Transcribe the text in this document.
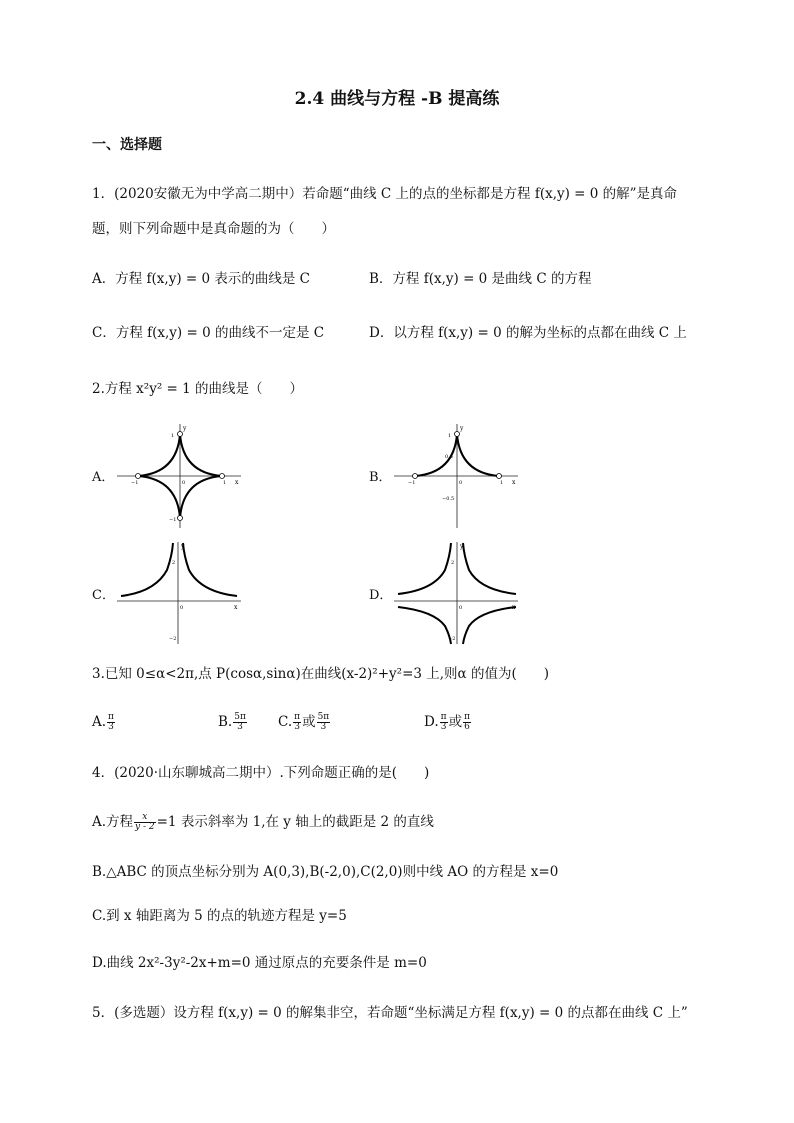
2.4 曲线与方程 -B 提高练
一、选择题
1．(2020安徽无为中学高二期中）若命题“曲线 C 上的点的坐标都是方程 f(x,y) = 0 的解”是真命
题，则下列命题中是真命题的为（　　）
A．方程 f(x,y) = 0 表示的曲线是 C	B．方程 f(x,y) = 0 是曲线 C 的方程
C．方程 f(x,y) = 0 的曲线不一定是 C	D．以方程 f(x,y) = 0 的解为坐标的点都在曲线 C 上
2.方程 x²y² = 1 的曲线是（　　）
A．	B．
C．	D．
y
x
1
−1
1
−1	0
y
x
1
0.5
−0.5
1
−1	0
y
x
2
−2
0
y
x
2
−2
0
3.已知 0≤α<2π,点 P(cosα,sinα)在曲线(x-2)²+y²=3 上,则α 的值为(　　)
A. $\frac{\pi}{3}$	B. $\frac{5\pi}{3} C$. $\frac{\pi}{3}$ 或 $\frac{5\pi}{3}$	D. $\frac{\pi}{3}$ 或 $\frac{\pi}{6}$
4．(2020·山东聊城高二期中）.下列命题正确的是(　　)
A.方程 $\frac{x}{y - 2} =1$ 表示斜率为 1,在 y 轴上的截距是 2 的直线
B.△ABC 的顶点坐标分别为 A(0,3),B(-2,0),C(2,0)则中线 AO 的方程是 x=0
C.到 x 轴距离为 5 的点的轨迹方程是 y=5
D.曲线 2x²-3y²-2x+m=0 通过原点的充要条件是 m=0
5．(多选题）设方程 f(x,y) = 0 的解集非空，若命题“坐标满足方程 f(x,y) = 0 的点都在曲线 C 上”
